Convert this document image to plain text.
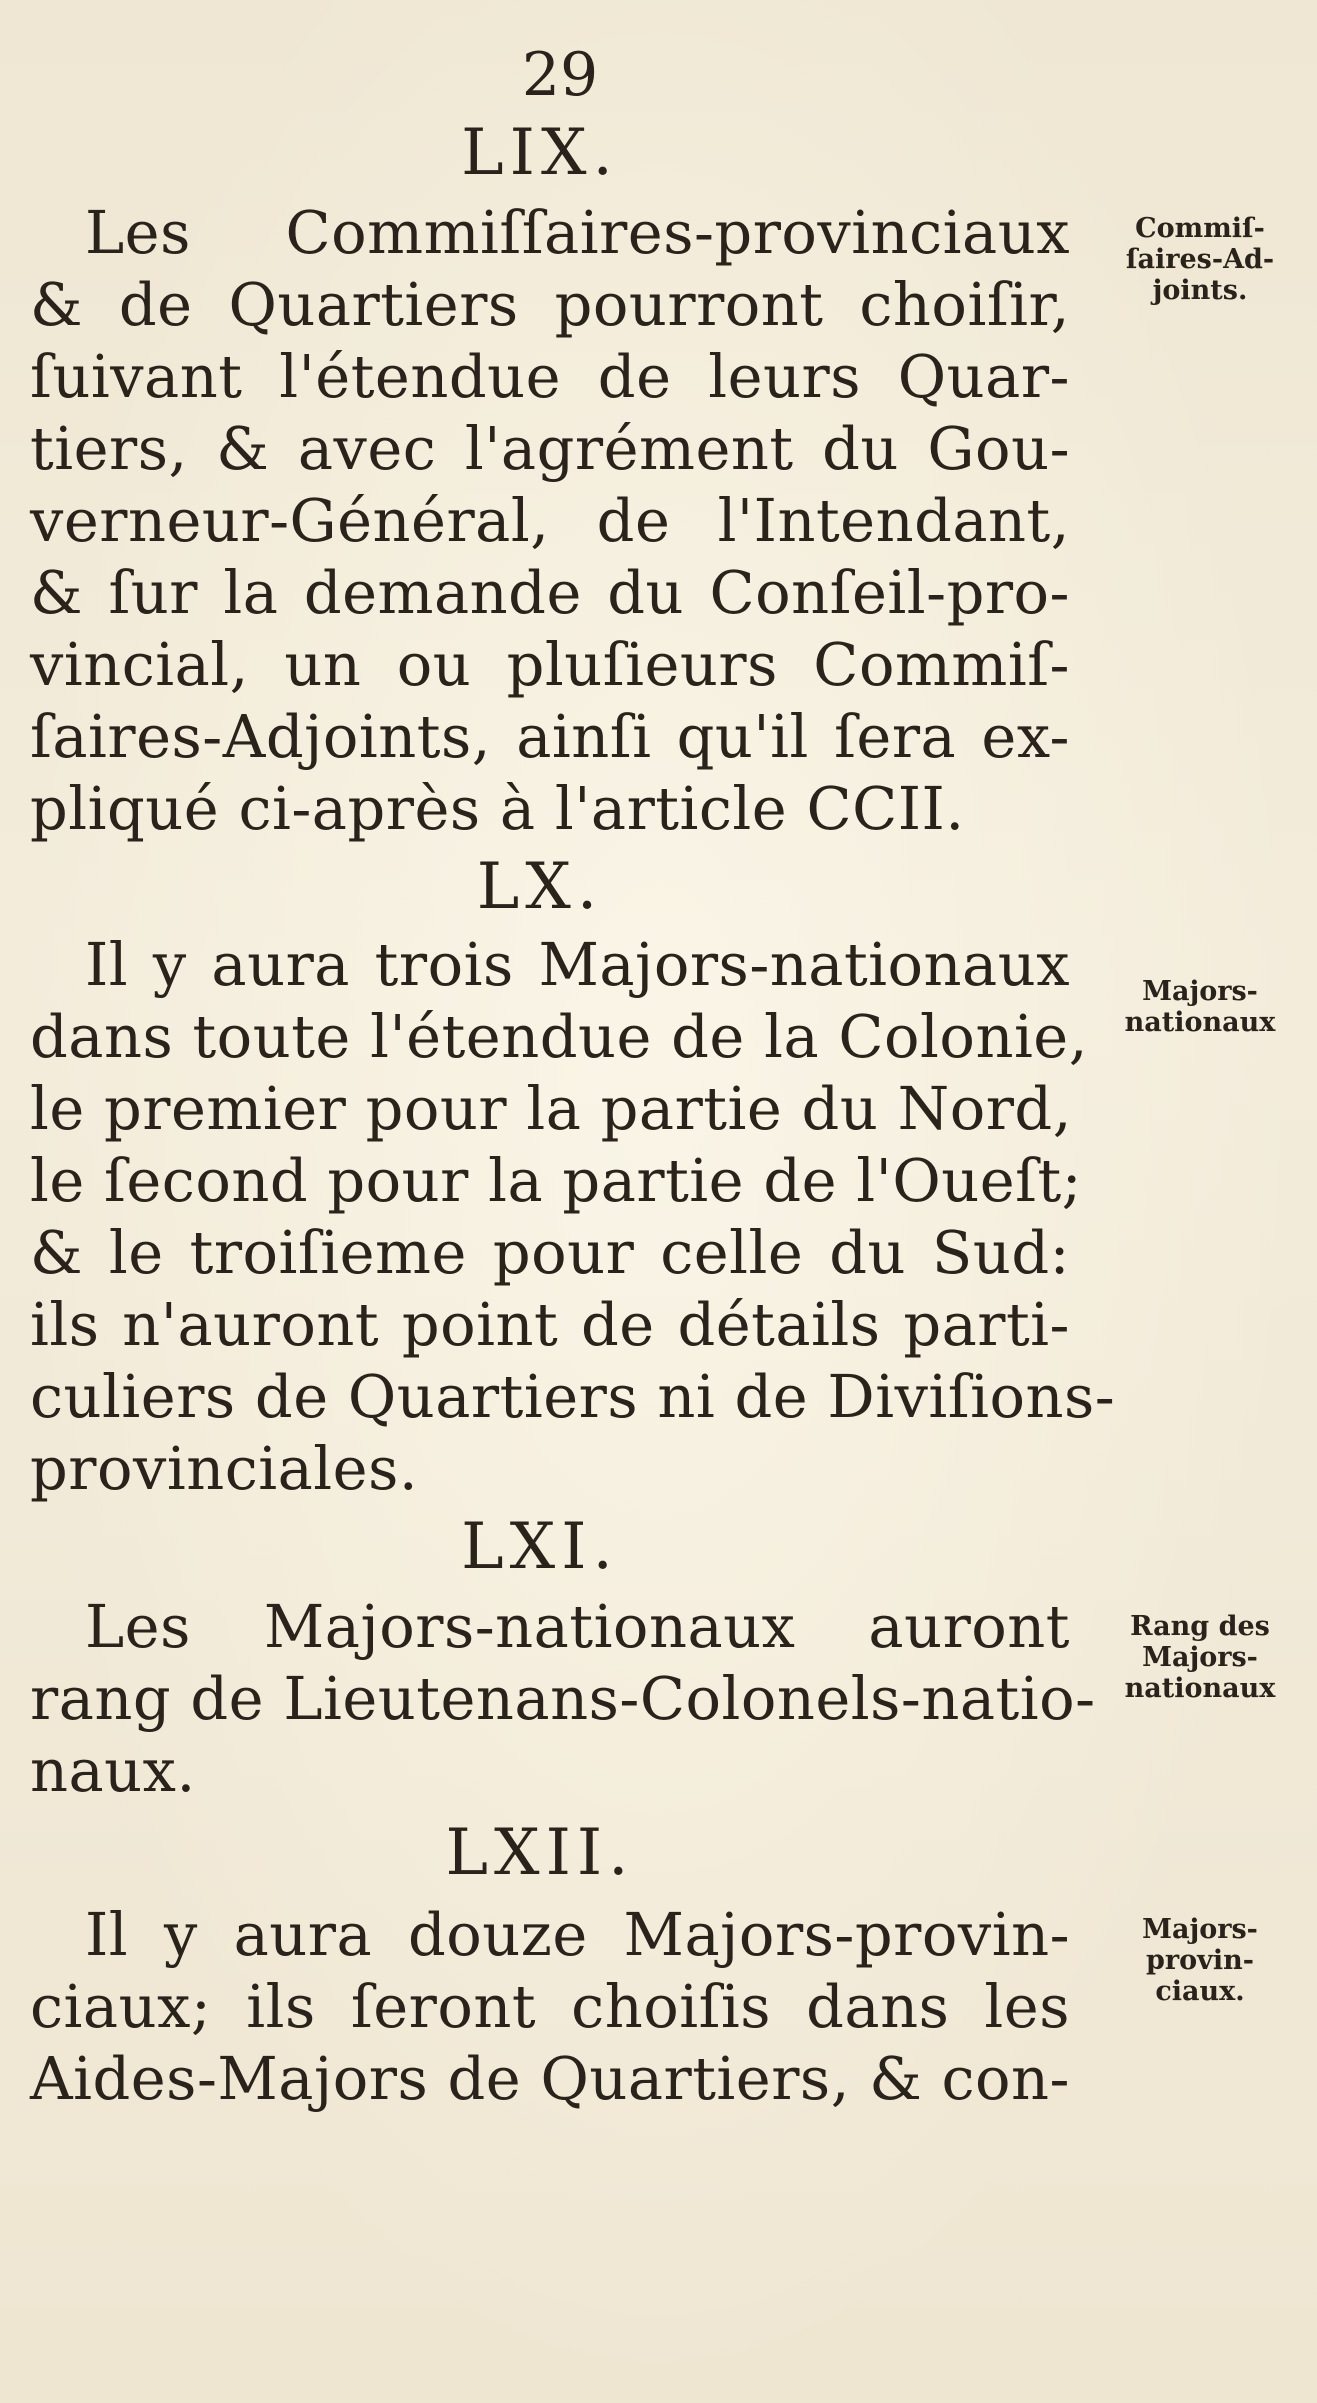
29
LIX.
Les Commiſſaires-provinciaux
& de Quartiers pourront choiſir,
ſuivant l'étendue de leurs Quar-
tiers, & avec l'agrément du Gou-
verneur-Général, de l'Intendant,
& ſur la demande du Conſeil-pro-
vincial, un ou pluſieurs Commiſ-
ſaires-Adjoints, ainſi qu'il ſera ex-
pliqué ci-après à l'article CCII.
Commiſ-
ſaires-Ad-
joints.
LX.
Il y aura trois Majors-nationaux
dans toute l'étendue de la Colonie,
le premier pour la partie du Nord,
le ſecond pour la partie de l'Oueſt;
& le troiſieme pour celle du Sud:
ils n'auront point de détails parti-
culiers de Quartiers ni de Diviſions-
provinciales.
Majors-
nationaux
LXI.
Les Majors-nationaux auront
rang de Lieutenans-Colonels-natio-
naux.
Rang des
Majors-
nationaux
LXII.
Il y aura douze Majors-provin-
ciaux; ils ſeront choiſis dans les
Aides-Majors de Quartiers, & con-
Majors-
provin-
ciaux.
